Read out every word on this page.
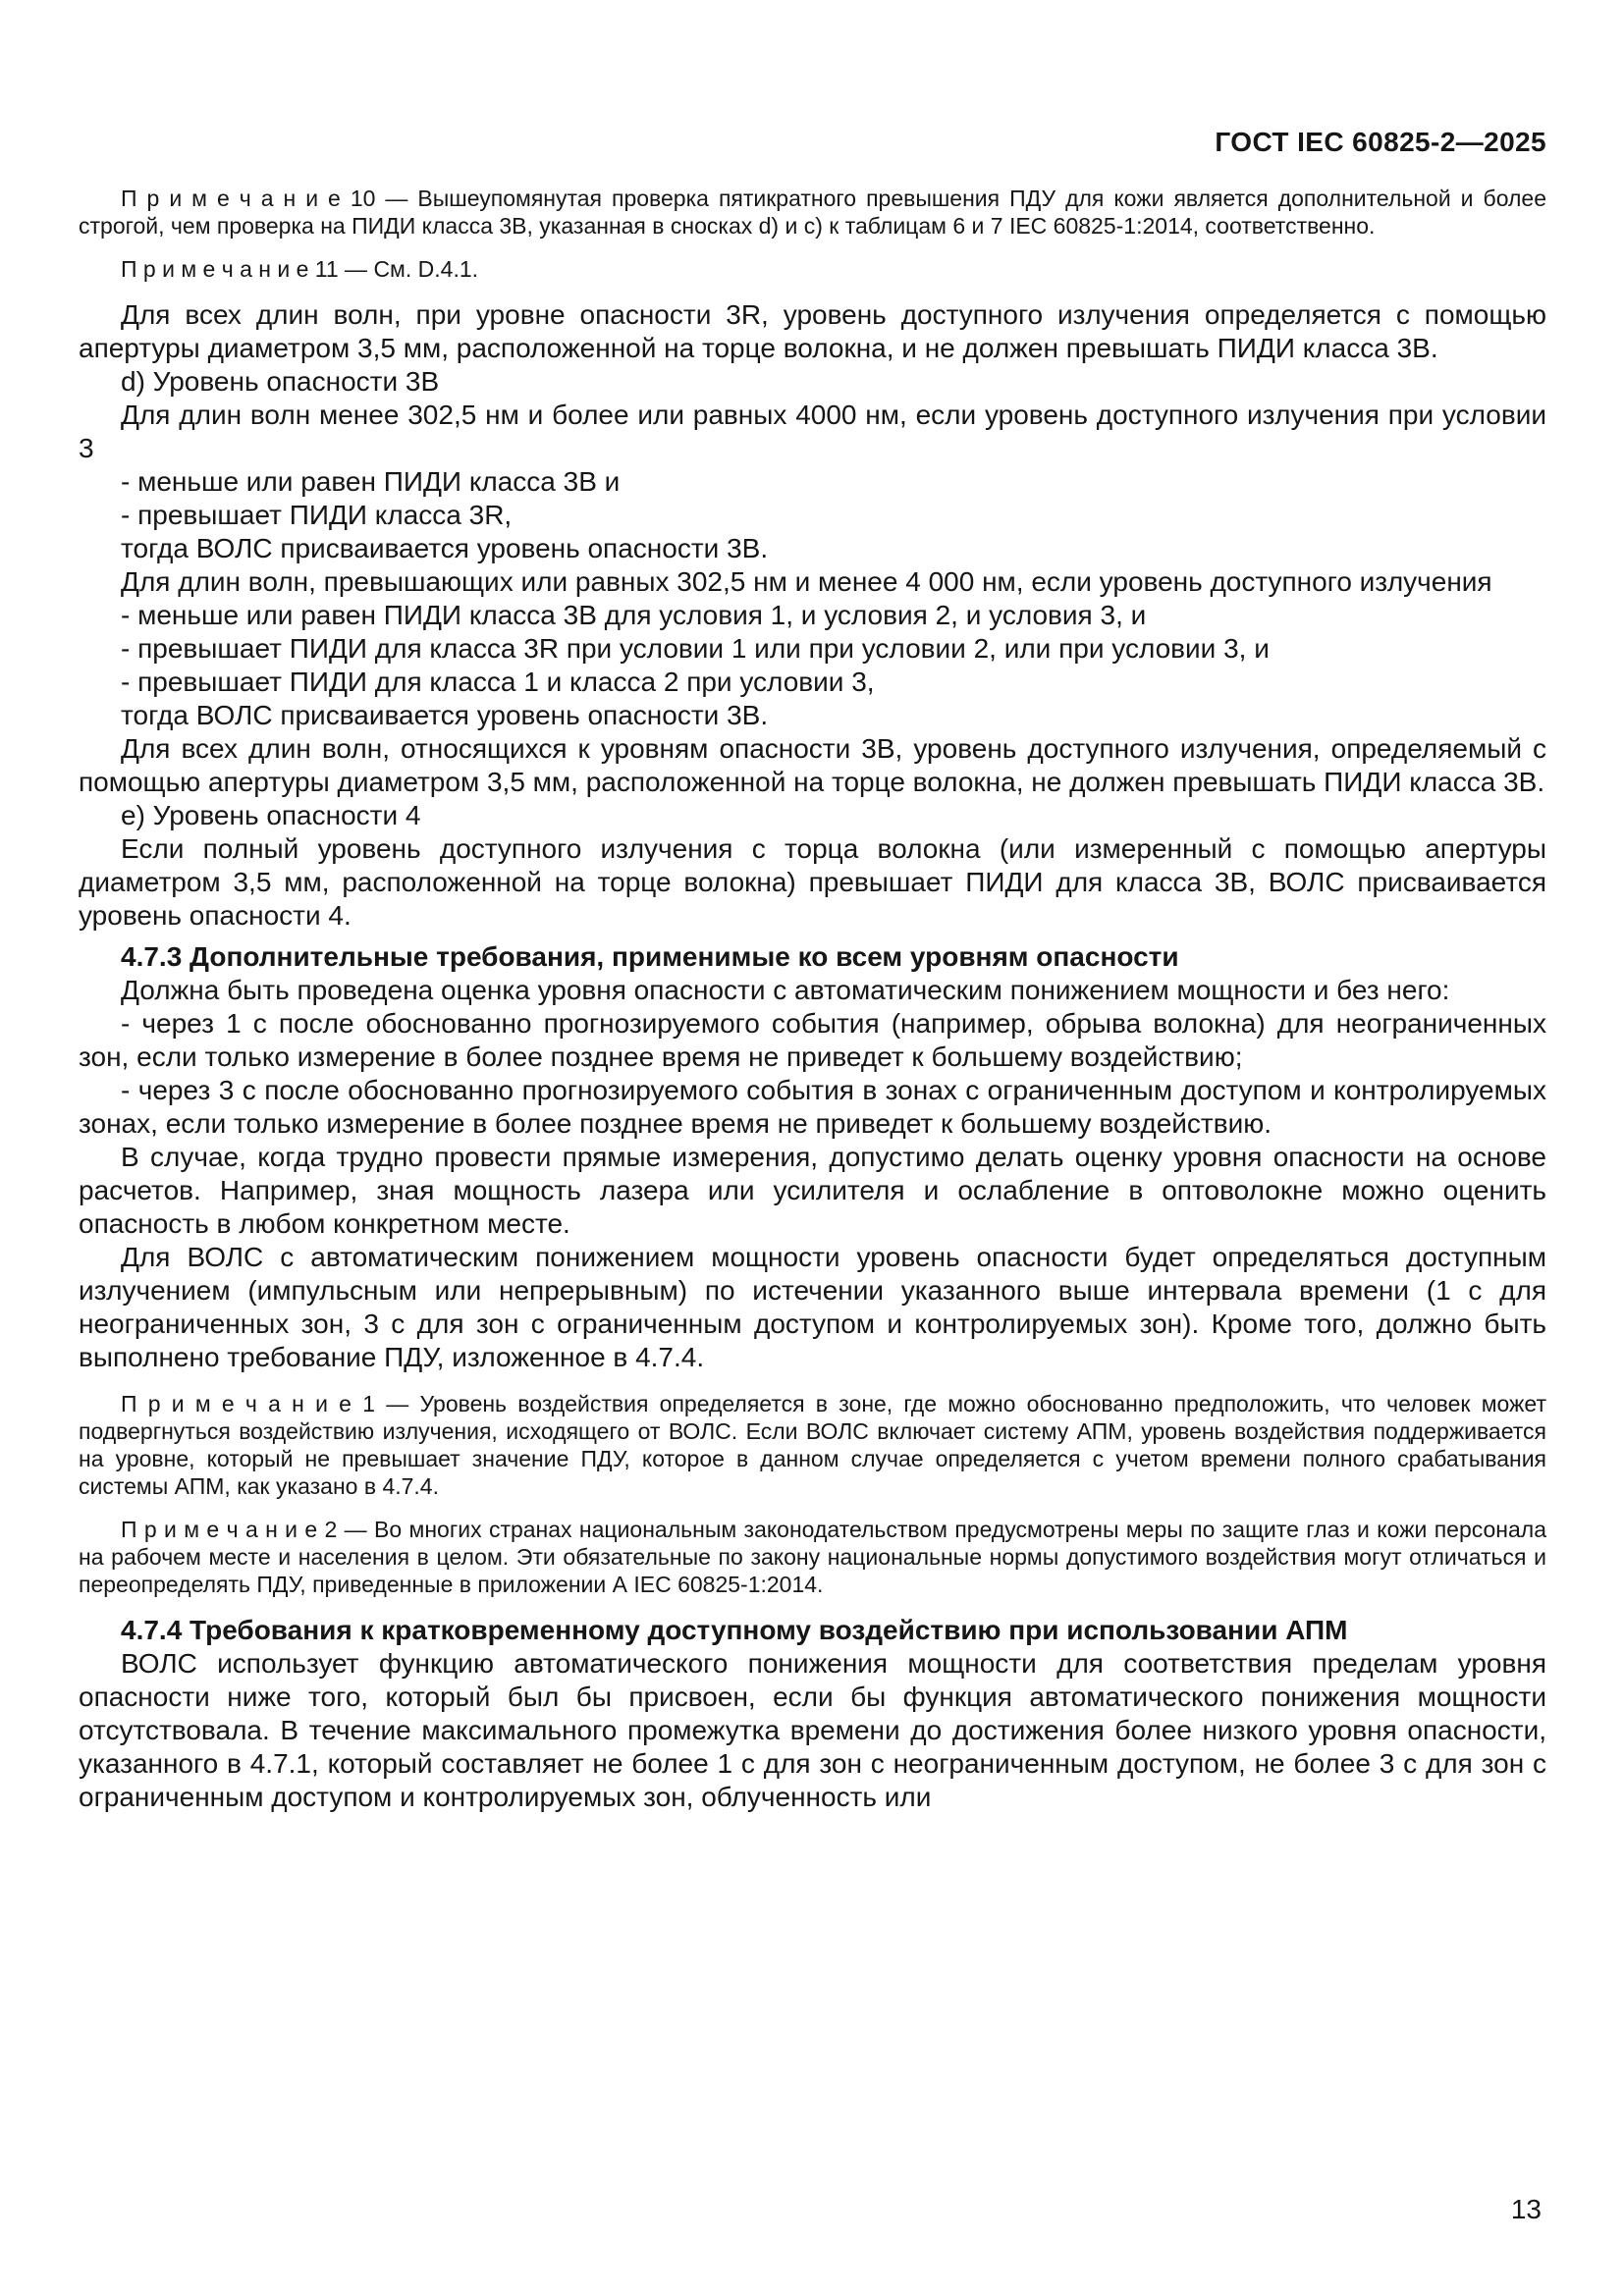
ГОСТ IEC 60825-2—2025

П р и м е ч а н и е 10 — Вышеупомянутая проверка пятикратного превышения ПДУ для кожи является дополнительной и более строгой, чем проверка на ПИДИ класса 3В, указанная в сносках d) и с) к таблицам 6 и 7 IEC 60825-1:2014, соответственно.

П р и м е ч а н и е 11 — См. D.4.1.

Для всех длин волн, при уровне опасности 3R, уровень доступного излучения определяется с помощью апертуры диаметром 3,5 мм, расположенной на торце волокна, и не должен превышать ПИДИ класса 3В.

d) Уровень опасности 3В

Для длин волн менее 302,5 нм и более или равных 4000 нм, если уровень доступного излучения при условии 3

- меньше или равен ПИДИ класса 3В и

- превышает ПИДИ класса 3R,

тогда ВОЛС присваивается уровень опасности 3В.

Для длин волн, превышающих или равных 302,5 нм и менее 4 000 нм, если уровень доступного излучения

- меньше или равен ПИДИ класса 3В для условия 1, и условия 2, и условия 3, и

- превышает ПИДИ для класса 3R при условии 1 или при условии 2, или при условии 3, и

- превышает ПИДИ для класса 1 и класса 2 при условии 3,

тогда ВОЛС присваивается уровень опасности 3В.

Для всех длин волн, относящихся к уровням опасности 3В, уровень доступного излучения, определяемый с помощью апертуры диаметром 3,5 мм, расположенной на торце волокна, не должен превышать ПИДИ класса 3В.

е) Уровень опасности 4

Если полный уровень доступного излучения с торца волокна (или измеренный с помощью апертуры диаметром 3,5 мм, расположенной на торце волокна) превышает ПИДИ для класса 3В, ВОЛС присваивается уровень опасности 4.

4.7.3 Дополнительные требования, применимые ко всем уровням опасности

Должна быть проведена оценка уровня опасности с автоматическим понижением мощности и без него:

- через 1 с после обоснованно прогнозируемого события (например, обрыва волокна) для неограниченных зон, если только измерение в более позднее время не приведет к большему воздействию;

- через 3 с после обоснованно прогнозируемого события в зонах с ограниченным доступом и контролируемых зонах, если только измерение в более позднее время не приведет к большему воздействию.

В случае, когда трудно провести прямые измерения, допустимо делать оценку уровня опасности на основе расчетов. Например, зная мощность лазера или усилителя и ослабление в оптоволокне можно оценить опасность в любом конкретном месте.

Для ВОЛС с автоматическим понижением мощности уровень опасности будет определяться доступным излучением (импульсным или непрерывным) по истечении указанного выше интервала времени (1 с для неограниченных зон, 3 с для зон с ограниченным доступом и контролируемых зон). Кроме того, должно быть выполнено требование ПДУ, изложенное в 4.7.4.

П р и м е ч а н и е 1 — Уровень воздействия определяется в зоне, где можно обоснованно предположить, что человек может подвергнуться воздействию излучения, исходящего от ВОЛС. Если ВОЛС включает систему АПМ, уровень воздействия поддерживается на уровне, который не превышает значение ПДУ, которое в данном случае определяется с учетом времени полного срабатывания системы АПМ, как указано в 4.7.4.

П р и м е ч а н и е 2 — Во многих странах национальным законодательством предусмотрены меры по защите глаз и кожи персонала на рабочем месте и населения в целом. Эти обязательные по закону национальные нормы допустимого воздействия могут отличаться и переопределять ПДУ, приведенные в приложении А IEC 60825-1:2014.

4.7.4 Требования к кратковременному доступному воздействию при использовании АПМ

ВОЛС использует функцию автоматического понижения мощности для соответствия пределам уровня опасности ниже того, который был бы присвоен, если бы функция автоматического понижения мощности отсутствовала. В течение максимального промежутка времени до достижения более низкого уровня опасности, указанного в 4.7.1, который составляет не более 1 с для зон с неограниченным доступом, не более 3 с для зон с ограниченным доступом и контролируемых зон, облученность или

13
